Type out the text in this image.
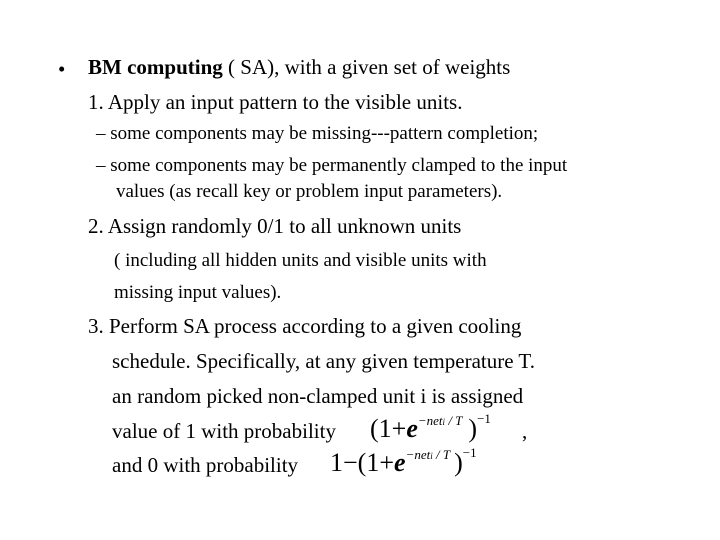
• BM computing ( SA), with a given set of weights
1. Apply an input pattern to the visible units.
– some components may be missing---pattern completion;
– some components may be permanently clamped to the input
values (as recall key or problem input parameters).
2. Assign randomly 0/1 to all unknown units
( including all hidden units and visible units with
missing input values).
3. Perform SA process according to a given cooling
schedule. Specifically, at any given temperature T.
an random picked non-clamped unit i is assigned
value of 1 with probability	,
and 0 with probability
($1+e^{-neti / T}$ )$^{-1}$
$1-(1+e^{-neti / T}$ )$^{-1}$
